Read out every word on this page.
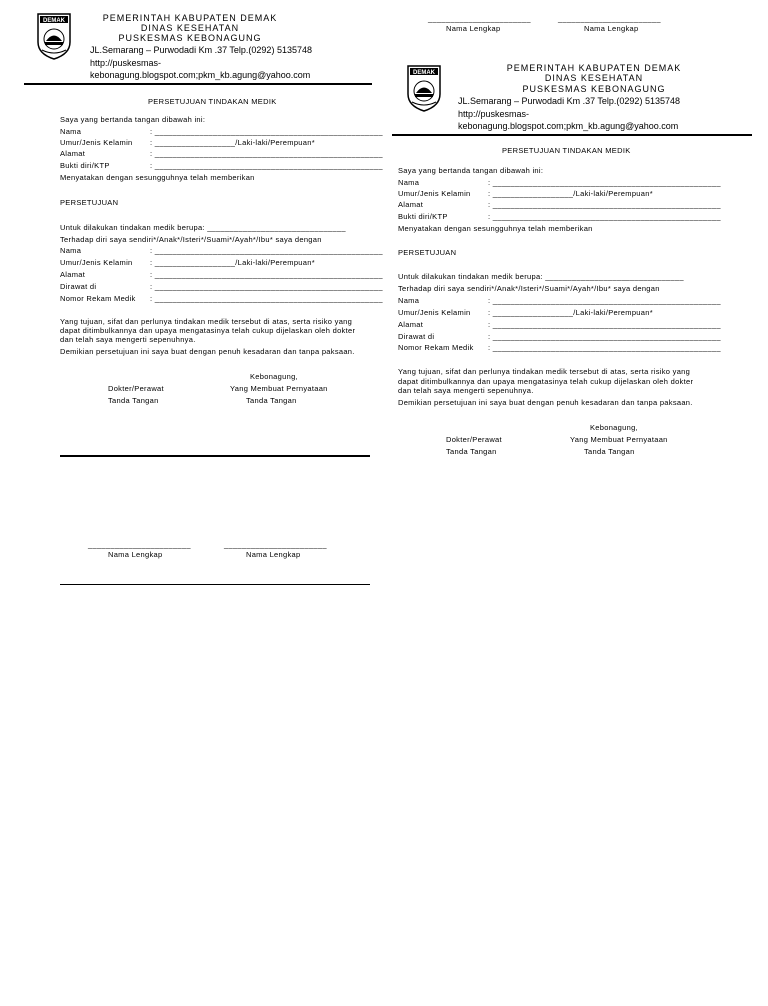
DEMAK	PEMERINTAH KABUPATEN DEMAK
DINAS KESEHATAN
PUSKESMAS KEBONAGUNG
JL.Semarang – Purwodadi Km .37 Telp.(0292) 5135748
http://puskesmas-
kebonagung.blogspot.com;pkm_kb.agung@yahoo.com
PERSETUJUAN TINDAKAN MEDIK
Saya yang bertanda tangan dibawah ini:
Nama	: ___________________________________________________
Umur/Jenis Kelamin : __________________/Laki-laki/Perempuan*
Alamat	: ___________________________________________________
Bukti diri/KTP	: ___________________________________________________
Menyatakan dengan sesungguhnya telah memberikan
PERSETUJUAN
Untuk dilakukan tindakan medik berupa: _______________________________
Terhadap diri saya sendiri*/Anak*/Isteri*/Suami*/Ayah*/Ibu* saya dengan
Nama	: ___________________________________________________
Umur/Jenis Kelamin : __________________/Laki-laki/Perempuan*
Alamat	: ___________________________________________________
Dirawat di	: ___________________________________________________
Nomor Rekam Medik : ___________________________________________________
Yang tujuan, sifat dan perlunya tindakan medik tersebut di atas, serta risiko yang
dapat ditimbulkannya dan upaya mengatasinya telah cukup dijelaskan oleh dokter
dan telah saya mengerti sepenuhnya.
Demikian persetujuan ini saya buat dengan penuh kesadaran dan tanpa paksaan.
Kebonagung,
Dokter/Perawat	Yang Membuat Pernyataan
Tanda Tangan	Tanda Tangan
_______________________	_______________________
Nama Lengkap	Nama Lengkap
_______________________	_______________________
Nama Lengkap	Nama Lengkap
DEMAK	PEMERINTAH KABUPATEN DEMAK
DINAS KESEHATAN
PUSKESMAS KEBONAGUNG
JL.Semarang – Purwodadi Km .37 Telp.(0292) 5135748
http://puskesmas-
kebonagung.blogspot.com;pkm_kb.agung@yahoo.com
PERSETUJUAN TINDAKAN MEDIK
Saya yang bertanda tangan dibawah ini:
Nama	: ___________________________________________________
Umur/Jenis Kelamin : __________________/Laki-laki/Perempuan*
Alamat	: ___________________________________________________
Bukti diri/KTP	: ___________________________________________________
Menyatakan dengan sesungguhnya telah memberikan
PERSETUJUAN
Untuk dilakukan tindakan medik berupa: _______________________________
Terhadap diri saya sendiri*/Anak*/Isteri*/Suami*/Ayah*/Ibu* saya dengan
Nama	: ___________________________________________________
Umur/Jenis Kelamin : __________________/Laki-laki/Perempuan*
Alamat	: ___________________________________________________
Dirawat di	: ___________________________________________________
Nomor Rekam Medik : ___________________________________________________
Yang tujuan, sifat dan perlunya tindakan medik tersebut di atas, serta risiko yang
dapat ditimbulkannya dan upaya mengatasinya telah cukup dijelaskan oleh dokter
dan telah saya mengerti sepenuhnya.
Demikian persetujuan ini saya buat dengan penuh kesadaran dan tanpa paksaan.
Kebonagung,
Dokter/Perawat	Yang Membuat Pernyataan
Tanda Tangan	Tanda Tangan
